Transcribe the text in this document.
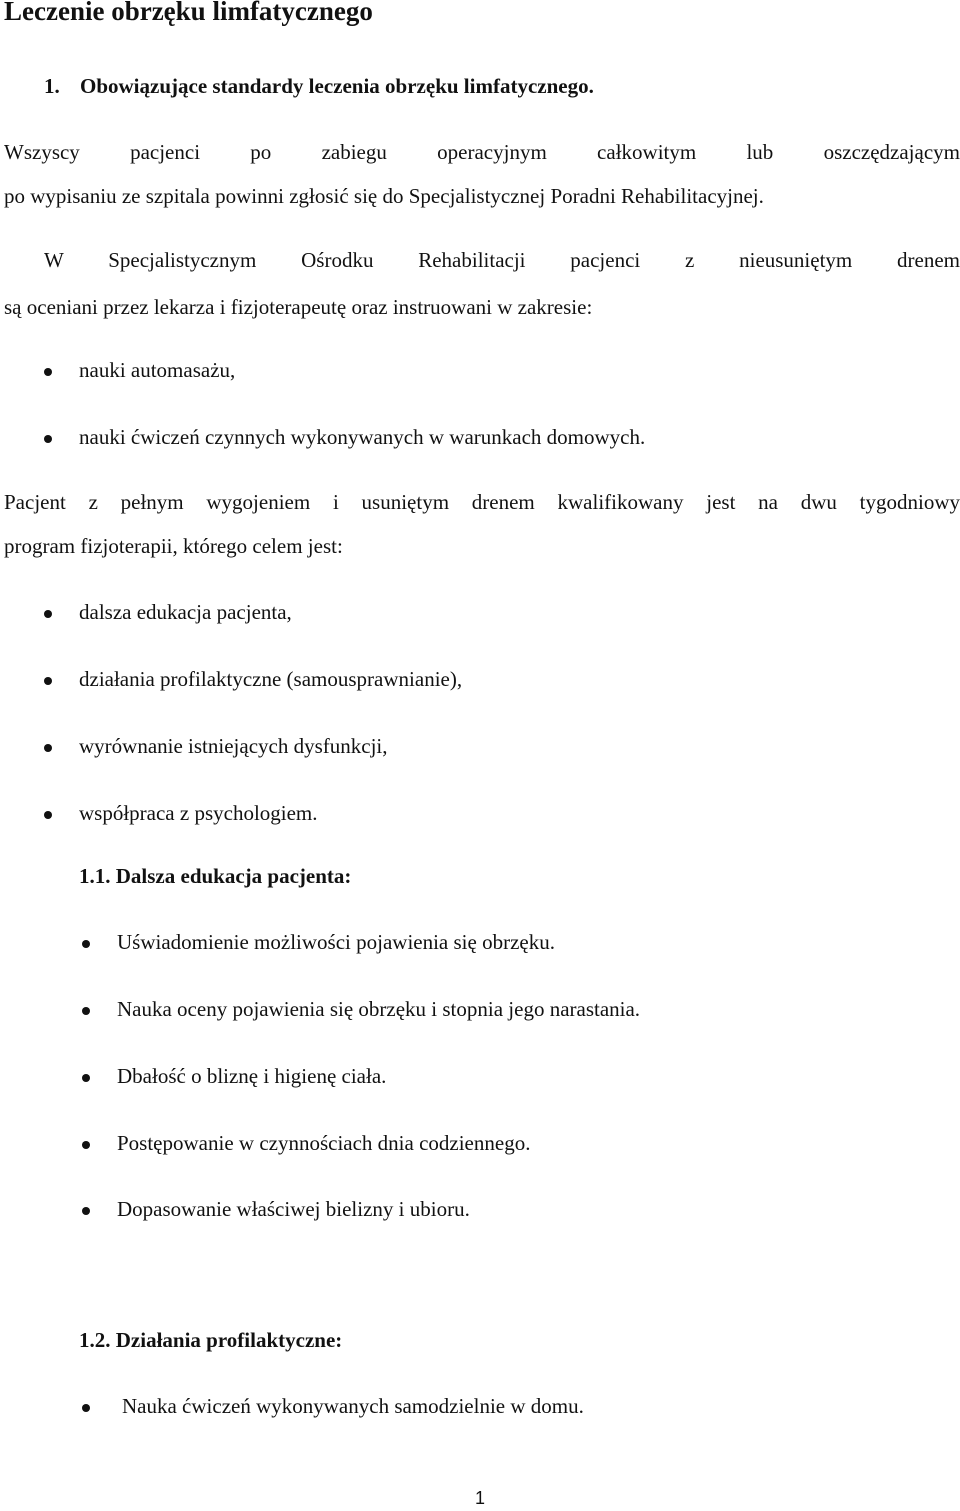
Leczenie obrzęku limfatycznego
1. Obowiązujące standardy leczenia obrzęku limfatycznego.
Wszyscy pacjenci po zabiegu operacyjnym całkowitym lub oszczędzającym
po wypisaniu ze szpitala powinni zgłosić się do Specjalistycznej Poradni Rehabilitacyjnej.
W Specjalistycznym Ośrodku Rehabilitacji pacjenci z nieusuniętym drenem
są oceniani przez lekarza i fizjoterapeutę oraz instruowani w zakresie:
nauki automasażu,
nauki ćwiczeń czynnych wykonywanych w warunkach domowych.
Pacjent z pełnym wygojeniem i usuniętym drenem kwalifikowany jest na dwu tygodniowy
program fizjoterapii, którego celem jest:
dalsza edukacja pacjenta,
działania profilaktyczne (samousprawnianie),
wyrównanie istniejących dysfunkcji,
współpraca z psychologiem.
1.1. Dalsza edukacja pacjenta:
Uświadomienie możliwości pojawienia się obrzęku.
Nauka oceny pojawienia się obrzęku i stopnia jego narastania.
Dbałość o bliznę i higienę ciała.
Postępowanie w czynnościach dnia codziennego.
Dopasowanie właściwej bielizny i ubioru.
1.2. Działania profilaktyczne:
Nauka ćwiczeń wykonywanych samodzielnie w domu.
1
